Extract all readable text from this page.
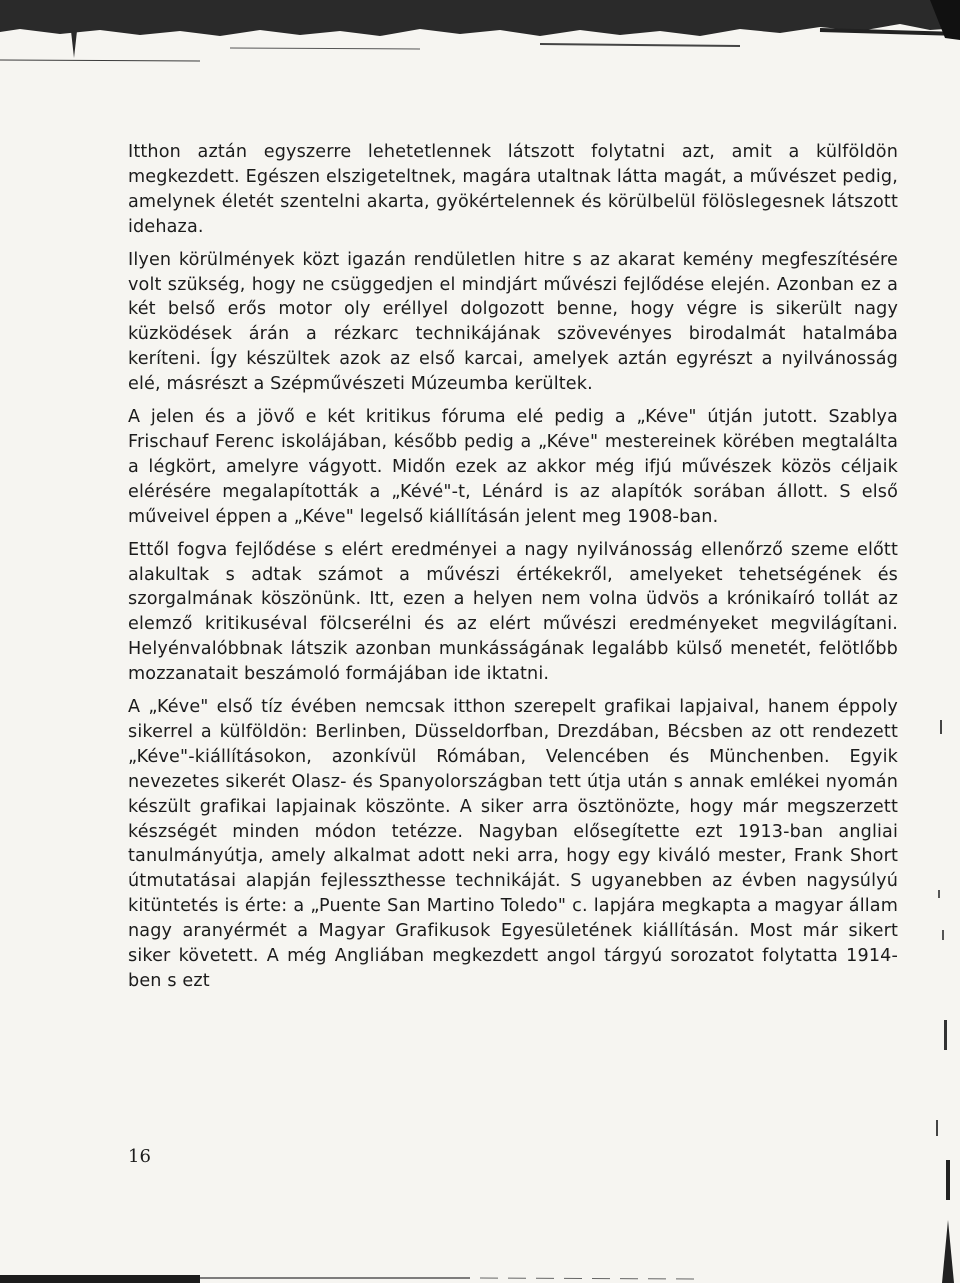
Itthon aztán egyszerre lehetetlennek látszott folytatni azt, amit a külföldön megkezdett. Egészen elszigeteltnek, magára utaltnak látta magát, a művészet pedig, amelynek életét szentelni akarta, gyökértelennek és körülbelül fölöslegesnek látszott idehaza.

Ilyen körülmények közt igazán rendületlen hitre s az akarat kemény megfeszítésére volt szükség, hogy ne csüggedjen el mindjárt művészi fejlődése elején. Azonban ez a két belső erős motor oly eréllyel dolgozott benne, hogy végre is sikerült nagy küzködések árán a rézkarc technikájának szövevényes birodalmát hatalmába keríteni. Így készültek azok az első karcai, amelyek aztán egyrészt a nyilvánosság elé, másrészt a Szépművészeti Múzeumba kerültek.

A jelen és a jövő e két kritikus fóruma elé pedig a „Kéve" útján jutott. Szablya Frischauf Ferenc iskolájában, később pedig a „Kéve" mestereinek körében megtalálta a légkört, amelyre vágyott. Midőn ezek az akkor még ifjú művészek közös céljaik elérésére megalapították a „Kévé"-t, Lénárd is az alapítók sorában állott. S első műveivel éppen a „Kéve" legelső kiállításán jelent meg 1908-ban.

Ettől fogva fejlődése s elért eredményei a nagy nyilvánosság ellenőrző szeme előtt alakultak s adtak számot a művészi értékekről, amelyeket tehetségének és szorgalmának köszönünk. Itt, ezen a helyen nem volna üdvös a krónikaíró tollát az elemző kritikuséval fölcserélni és az elért művészi eredményeket megvilágítani. Helyénvalóbbnak látszik azonban munkásságának legalább külső menetét, felötlőbb mozzanatait beszámoló formájában ide iktatni.

A „Kéve" első tíz évében nemcsak itthon szerepelt grafikai lapjaival, hanem éppoly sikerrel a külföldön: Berlinben, Düsseldorfban, Drezdában, Bécsben az ott rendezett „Kéve"-kiállításokon, azonkívül Rómában, Velencében és Münchenben. Egyik nevezetes sikerét Olasz- és Spanyolországban tett útja után s annak emlékei nyomán készült grafikai lapjainak köszönte. A siker arra ösztönözte, hogy már megszerzett készségét minden módon tetézze. Nagyban elősegítette ezt 1913-ban angliai tanulmányútja, amely alkalmat adott neki arra, hogy egy kiváló mester, Frank Short útmutatásai alapján fejlesszthesse technikáját. S ugyanebben az évben nagysúlyú kitüntetés is érte: a „Puente San Martino Toledo" c. lapjára megkapta a magyar állam nagy aranyérmét a Magyar Grafikusok Egyesületének kiállításán. Most már sikert siker követett. A még Angliában megkezdett angol tárgyú sorozatot folytatta 1914-ben s ezt

16
